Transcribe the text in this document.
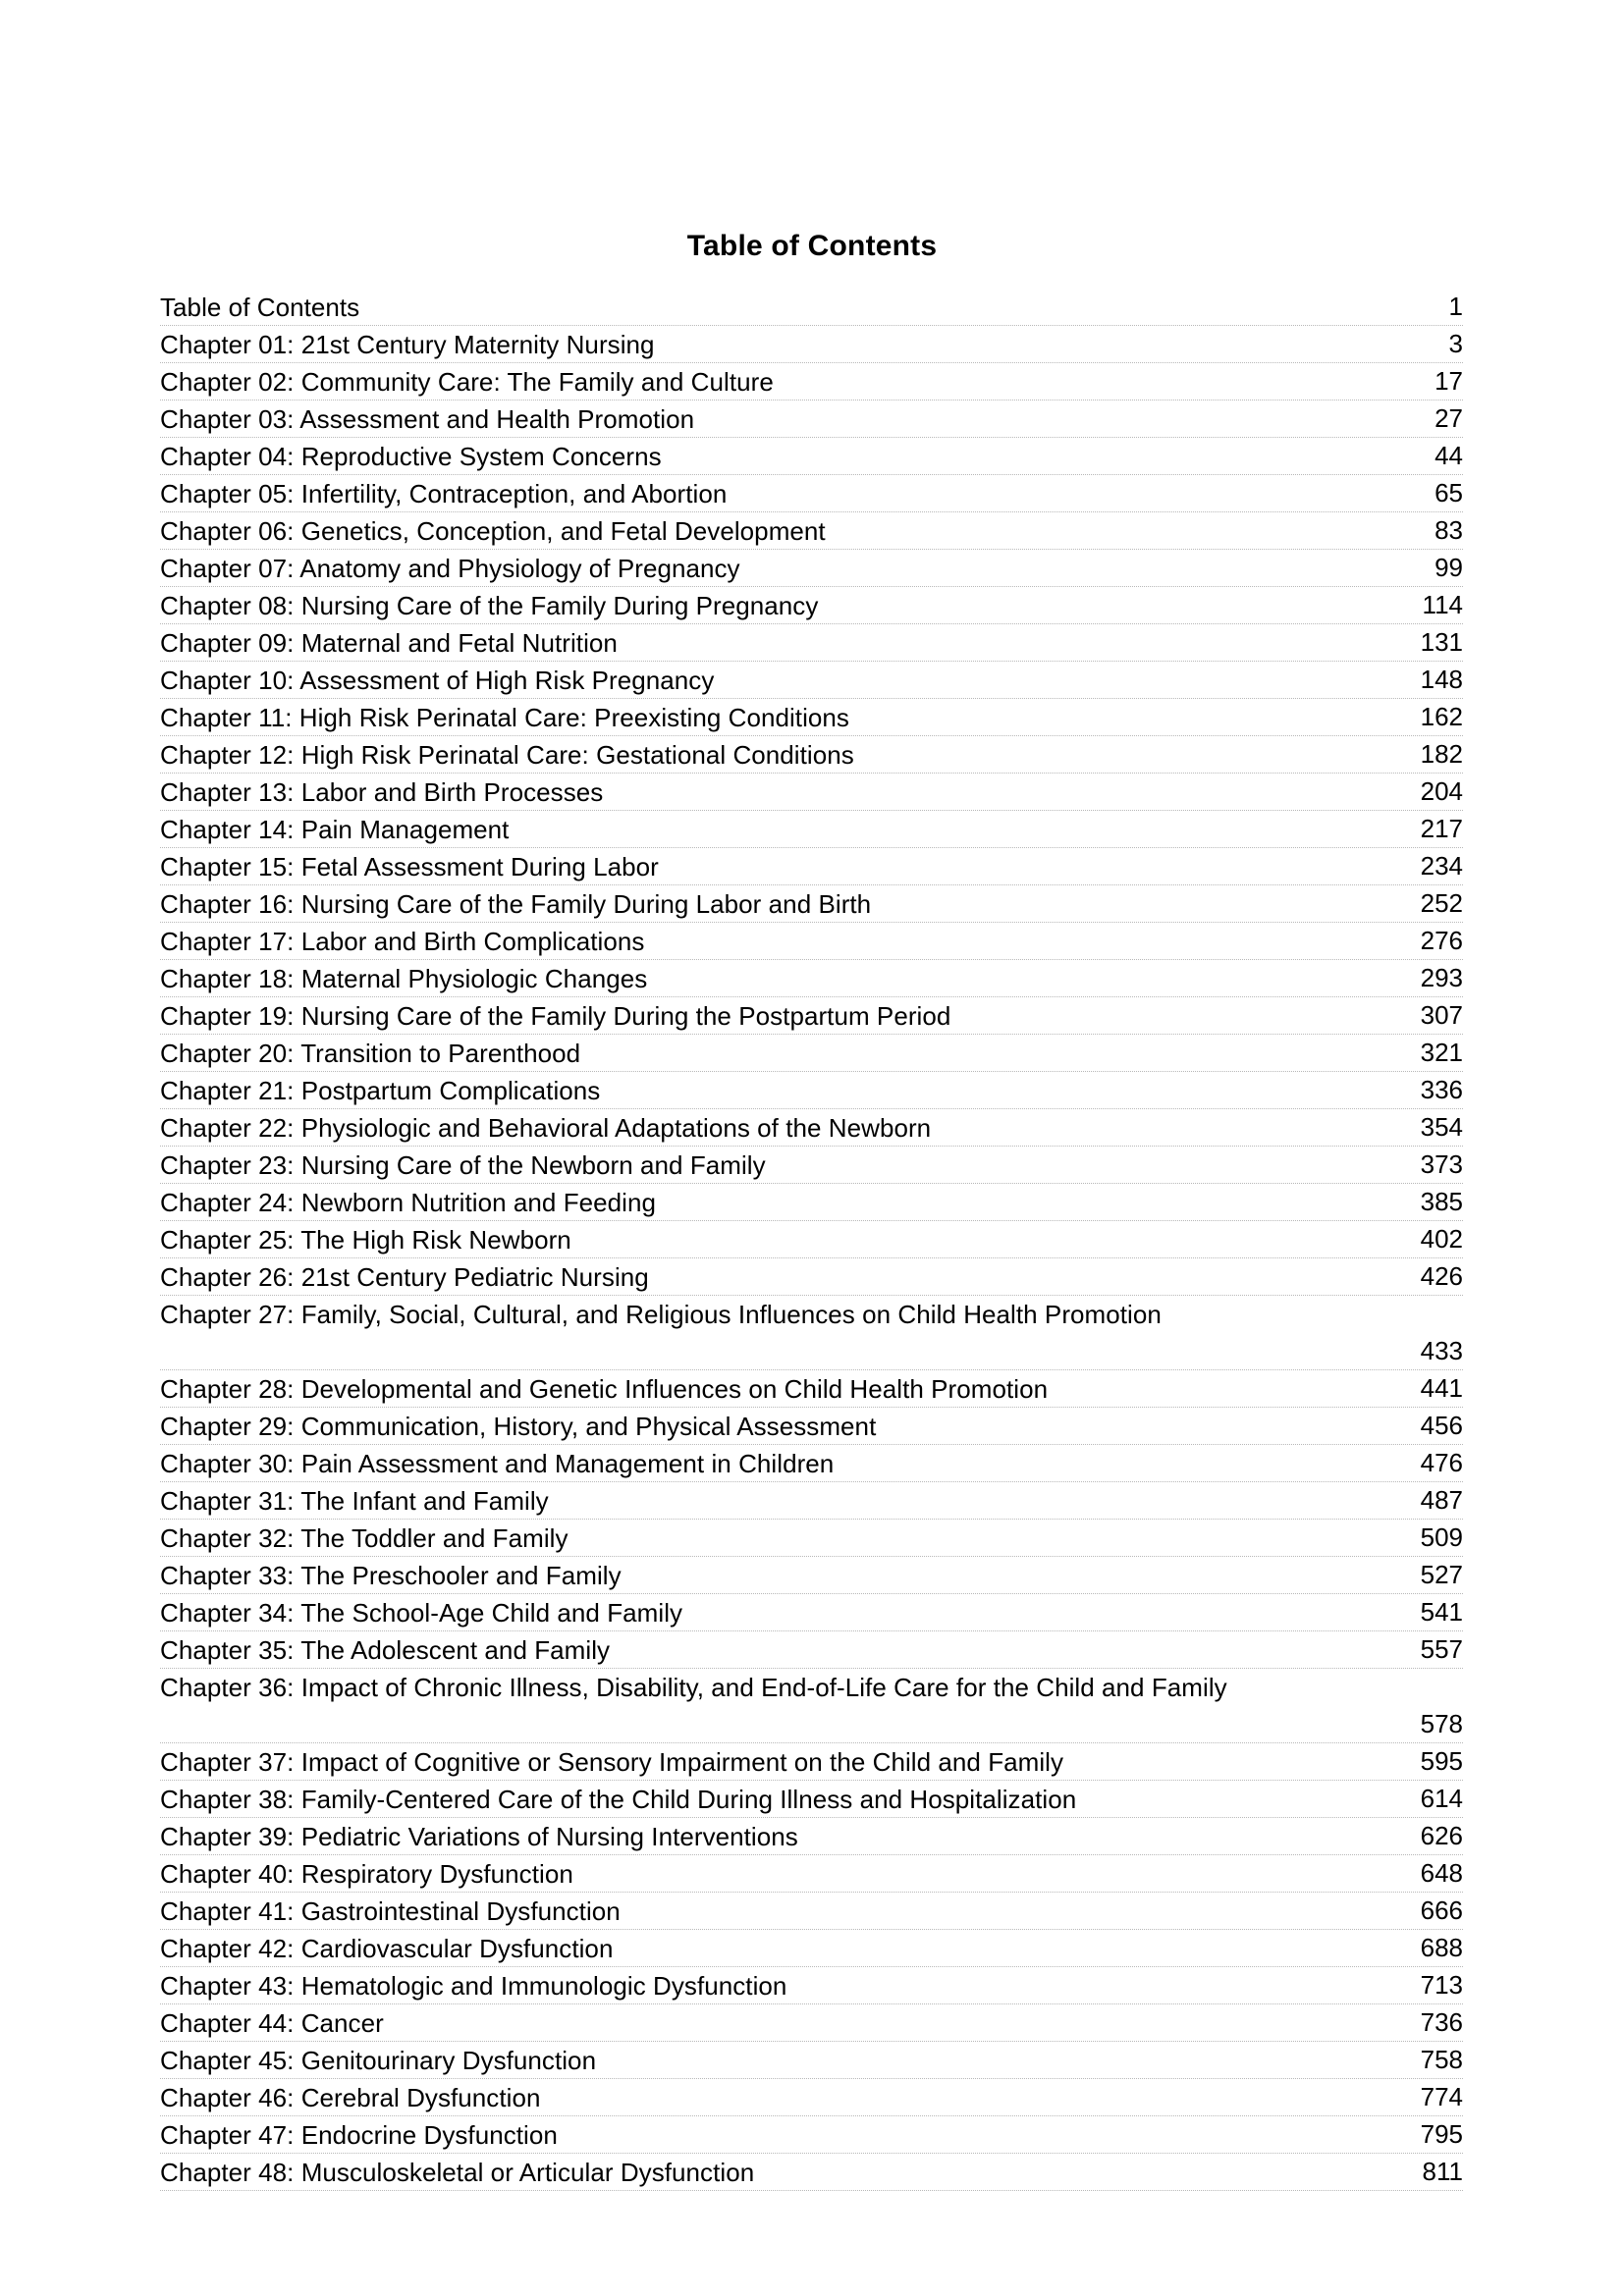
Table of Contents
Table of Contents	1
Chapter 01: 21st Century Maternity Nursing	3
Chapter 02: Community Care: The Family and Culture	17
Chapter 03: Assessment and Health Promotion	27
Chapter 04: Reproductive System Concerns	44
Chapter 05: Infertility, Contraception, and Abortion	65
Chapter 06: Genetics, Conception, and Fetal Development	83
Chapter 07: Anatomy and Physiology of Pregnancy	99
Chapter 08: Nursing Care of the Family During Pregnancy	114
Chapter 09: Maternal and Fetal Nutrition	131
Chapter 10: Assessment of High Risk Pregnancy	148
Chapter 11: High Risk Perinatal Care: Preexisting Conditions	162
Chapter 12: High Risk Perinatal Care: Gestational Conditions	182
Chapter 13: Labor and Birth Processes	204
Chapter 14: Pain Management	217
Chapter 15: Fetal Assessment During Labor	234
Chapter 16: Nursing Care of the Family During Labor and Birth	252
Chapter 17: Labor and Birth Complications	276
Chapter 18: Maternal Physiologic Changes	293
Chapter 19: Nursing Care of the Family During the Postpartum Period	307
Chapter 20: Transition to Parenthood	321
Chapter 21: Postpartum Complications	336
Chapter 22: Physiologic and Behavioral Adaptations of the Newborn	354
Chapter 23: Nursing Care of the Newborn and Family	373
Chapter 24: Newborn Nutrition and Feeding	385
Chapter 25: The High Risk Newborn	402
Chapter 26: 21st Century Pediatric Nursing	426
Chapter 27: Family, Social, Cultural, and Religious Influences on Child Health Promotion
433
Chapter 28: Developmental and Genetic Influences on Child Health Promotion	441
Chapter 29: Communication, History, and Physical Assessment	456
Chapter 30: Pain Assessment and Management in Children	476
Chapter 31: The Infant and Family	487
Chapter 32: The Toddler and Family	509
Chapter 33: The Preschooler and Family	527
Chapter 34: The School-Age Child and Family	541
Chapter 35: The Adolescent and Family	557
Chapter 36: Impact of Chronic Illness, Disability, and End-of-Life Care for the Child and Family
578
Chapter 37: Impact of Cognitive or Sensory Impairment on the Child and Family	595
Chapter 38: Family-Centered Care of the Child During Illness and Hospitalization	614
Chapter 39: Pediatric Variations of Nursing Interventions	626
Chapter 40: Respiratory Dysfunction	648
Chapter 41: Gastrointestinal Dysfunction	666
Chapter 42: Cardiovascular Dysfunction	688
Chapter 43: Hematologic and Immunologic Dysfunction	713
Chapter 44: Cancer	736
Chapter 45: Genitourinary Dysfunction	758
Chapter 46: Cerebral Dysfunction	774
Chapter 47: Endocrine Dysfunction	795
Chapter 48: Musculoskeletal or Articular Dysfunction	811
